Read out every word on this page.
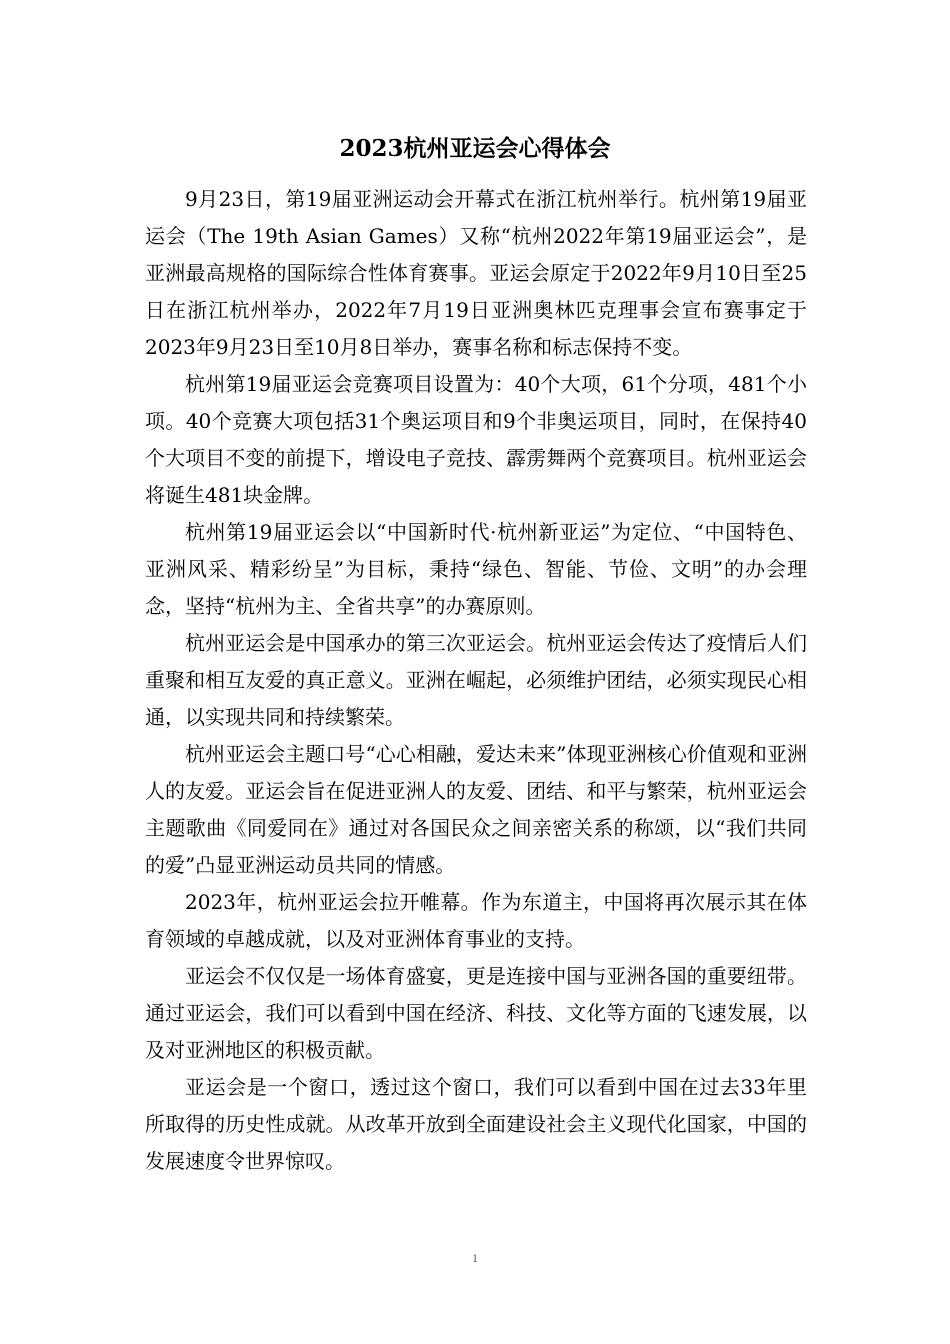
2023杭州亚运会心得体会

9月23日，第19届亚洲运动会开幕式在浙江杭州举行。杭州第19届亚运会（The 19th Asian Games）又称“杭州2022年第19届亚运会”，是亚洲最高规格的国际综合性体育赛事。亚运会原定于2022年9月10日至25日在浙江杭州举办，2022年7月19日亚洲奥林匹克理事会宣布赛事定于2023年9月23日至10月8日举办，赛事名称和标志保持不变。

杭州第19届亚运会竞赛项目设置为：40个大项，61个分项，481个小项。40个竞赛大项包括31个奥运项目和9个非奥运项目，同时，在保持40个大项目不变的前提下，增设电子竞技、霹雳舞两个竞赛项目。杭州亚运会将诞生481块金牌。

杭州第19届亚运会以“中国新时代·杭州新亚运”为定位、“中国特色、亚洲风采、精彩纷呈”为目标，秉持“绿色、智能、节俭、文明”的办会理念，坚持“杭州为主、全省共享”的办赛原则。

杭州亚运会是中国承办的第三次亚运会。杭州亚运会传达了疫情后人们重聚和相互友爱的真正意义。亚洲在崛起，必须维护团结，必须实现民心相通，以实现共同和持续繁荣。

杭州亚运会主题口号“心心相融，爱达未来”体现亚洲核心价值观和亚洲人的友爱。亚运会旨在促进亚洲人的友爱、团结、和平与繁荣，杭州亚运会主题歌曲《同爱同在》通过对各国民众之间亲密关系的称颂，以“我们共同的爱”凸显亚洲运动员共同的情感。

2023年，杭州亚运会拉开帷幕。作为东道主，中国将再次展示其在体育领域的卓越成就，以及对亚洲体育事业的支持。

亚运会不仅仅是一场体育盛宴，更是连接中国与亚洲各国的重要纽带。通过亚运会，我们可以看到中国在经济、科技、文化等方面的飞速发展，以及对亚洲地区的积极贡献。

亚运会是一个窗口，透过这个窗口，我们可以看到中国在过去33年里所取得的历史性成就。从改革开放到全面建设社会主义现代化国家，中国的发展速度令世界惊叹。

1
